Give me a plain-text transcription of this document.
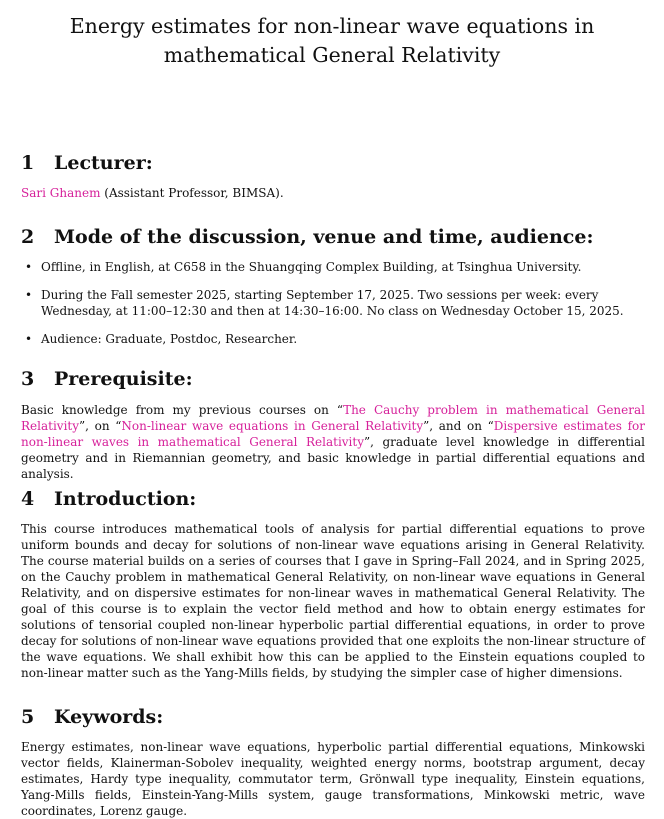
Energy estimates for non-linear wave equations in
mathematical General Relativity
1 Lecturer:

Sari Ghanem (Assistant Professor, BIMSA).

2 Mode of the discussion, venue and time, audience:
• Offline, in English, at C658 in the Shuangqing Complex Building, at Tsinghua University.
• During the Fall semester 2025, starting September 17, 2025. Two sessions per week: every Wednesday, at 11:00–12:30 and then at 14:30–16:00. No class on Wednesday October 15, 2025.
• Audience: Graduate, Postdoc, Researcher.
3 Prerequisite:

Basic knowledge from my previous courses on “The Cauchy problem in mathematical General Relativity”, on “Non-linear wave equations in General Relativity”, and on “Dispersive estimates for non-linear waves in mathematical General Relativity”, graduate level knowledge in differential geometry and in Riemannian geometry, and basic knowledge in partial differential equations and analysis.

4 Introduction:

This course introduces mathematical tools of analysis for partial differential equations to prove uniform bounds and decay for solutions of non-linear wave equations arising in General Relativity. The course material builds on a series of courses that I gave in Spring–Fall 2024, and in Spring 2025, on the Cauchy problem in mathematical General Relativity, on non-linear wave equations in General Relativity, and on dispersive estimates for non-linear waves in mathematical General Relativity. The goal of this course is to explain the vector field method and how to obtain energy estimates for solutions of tensorial coupled non-linear hyperbolic partial differential equations, in order to prove decay for solutions of non-linear wave equations provided that one exploits the non-linear structure of the wave equations. We shall exhibit how this can be applied to the Einstein equations coupled to non-linear matter such as the Yang-Mills fields, by studying the simpler case of higher dimensions.

5 Keywords:

Energy estimates, non-linear wave equations, hyperbolic partial differential equations, Minkowski vector fields, Klainerman-Sobolev inequality, weighted energy norms, bootstrap argument, decay estimates, Hardy type inequality, commutator term, Grönwall type inequality, Einstein equations, Yang-Mills fields, Einstein-Yang-Mills system, gauge transformations, Minkowski metric, wave coordinates, Lorenz gauge.
